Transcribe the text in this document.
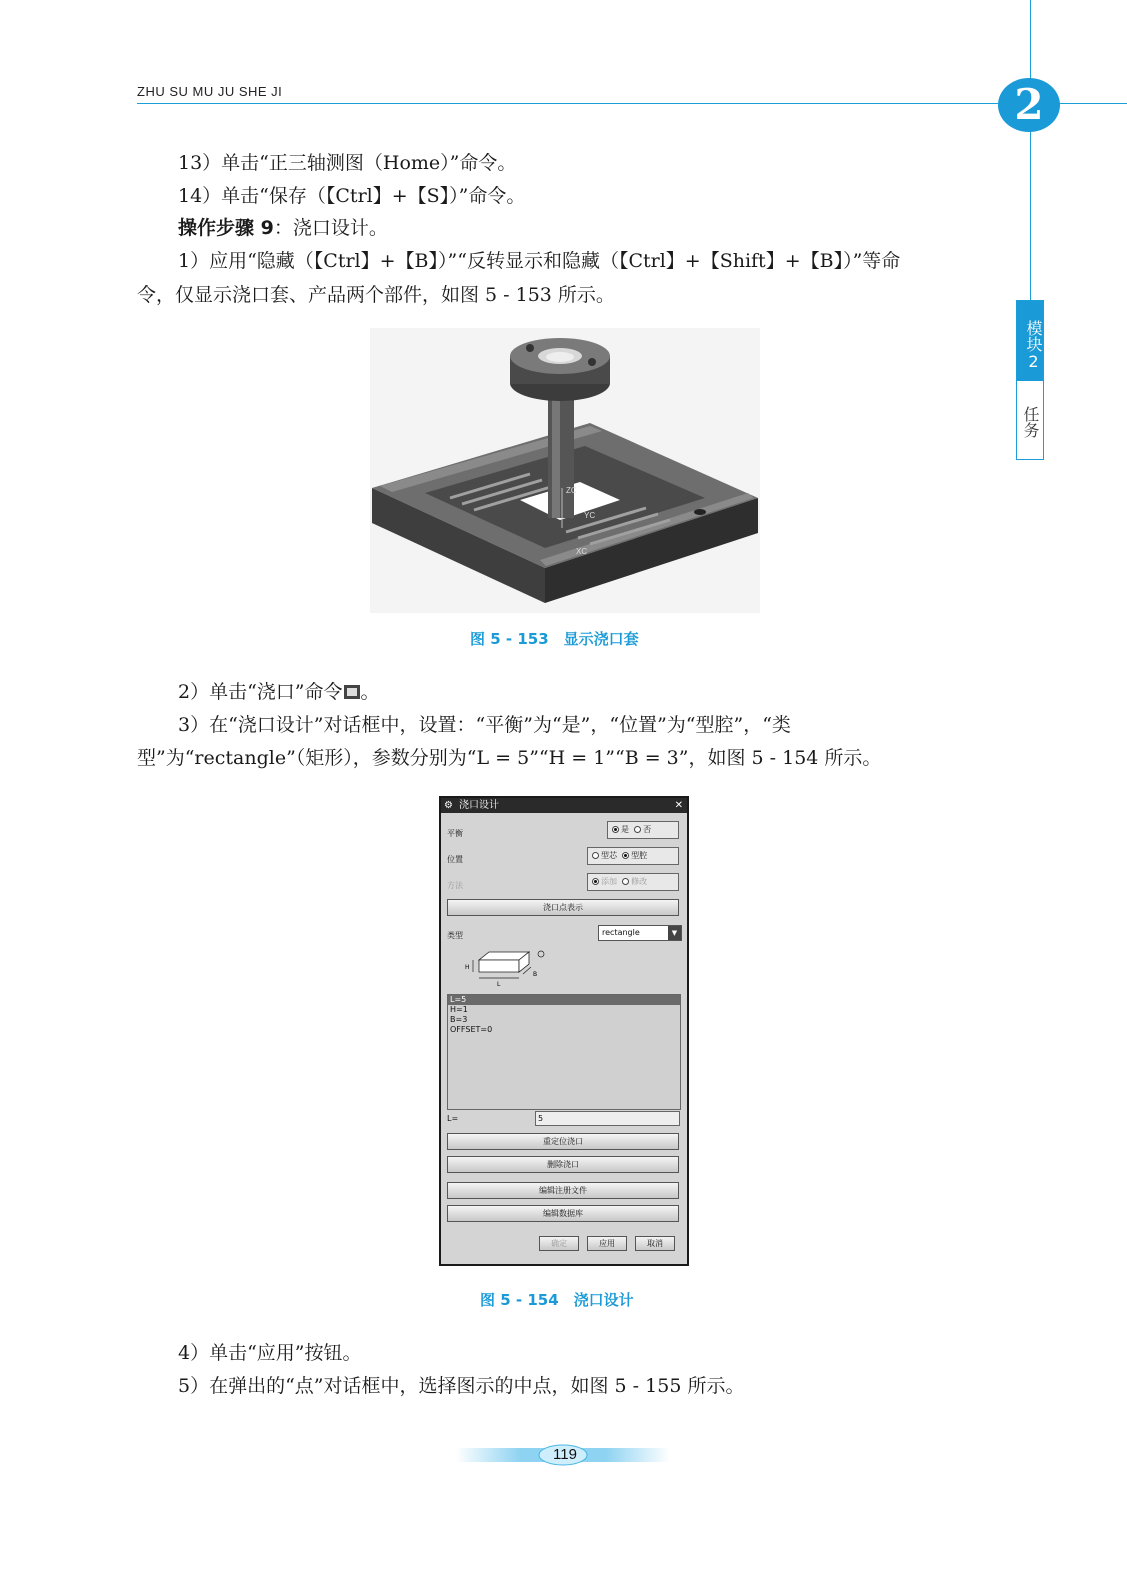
ZHU SU MU JU SHE JI	2
模块2
任务
13）单击“正三轴测图（Home）”命令。
14）单击“保存（【Ctrl】+【S】）”命令。
操作步骤 9：浇口设计。
1）应用“隐藏（【Ctrl】+【B】）”“反转显示和隐藏（【Ctrl】+【Shift】+【B】）”等命
令，仅显示浇口套、产品两个部件，如图 5 - 153 所示。
ZC
YC
XC
图 5 - 153　显示浇口套
2）单击“浇口”命令 。
3）在“浇口设计”对话框中，设置：“平衡”为“是”，“位置”为“型腔”，“类
型”为“rectangle”（矩形），参数分别为“L = 5”“H = 1”“B = 3”，如图 5 - 154 所示。
⚙ 浇口设计	✕
平衡	是 否
位置	型芯 型腔
方法	添加 修改
浇口点表示
类型	rectangle	▼
H
L
B
L=5
H=1
B=3
OFFSET=0
L=	5
重定位浇口
删除浇口
编辑注册文件
编辑数据库
确定	应用	取消
图 5 - 154　浇口设计
4）单击“应用”按钮。
5）在弹出的“点”对话框中，选择图示的中点，如图 5 - 155 所示。
119
